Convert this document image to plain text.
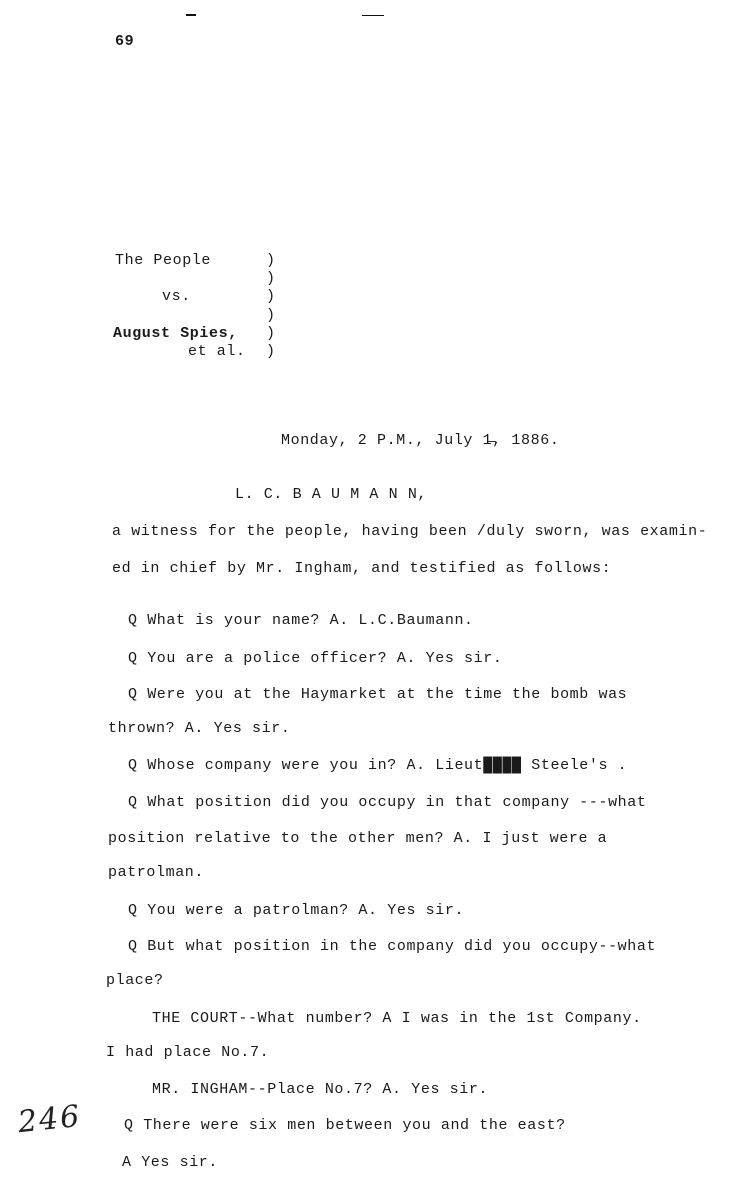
69
The People
vs.
August Spies,
et al.
)
)
)
)
)
)
Monday, 2 P.M., July 1̶, 1886.
L. C. B A U M A N N,
a witness for the people, having been /duly sworn, was examin-
ed in chief by Mr. Ingham, and testified as follows:
Q What is your name? A. L.C.Baumann.
Q You are a police officer? A. Yes sir.
Q Were you at the Haymarket at the time the bomb was
thrown? A. Yes sir.
Q Whose company were you in? A. Lieut████ Steele's .
Q What position did you occupy in that company ---what
position relative to the other men? A. I just were a
patrolman.
Q You were a patrolman? A. Yes sir.
Q But what position in the company did you occupy--what
place?
THE COURT--What number? A I was in the 1st Company.
I had place No.7.
MR. INGHAM--Place No.7? A. Yes sir.
Q There were six men between you and the east?
A Yes sir.
246
